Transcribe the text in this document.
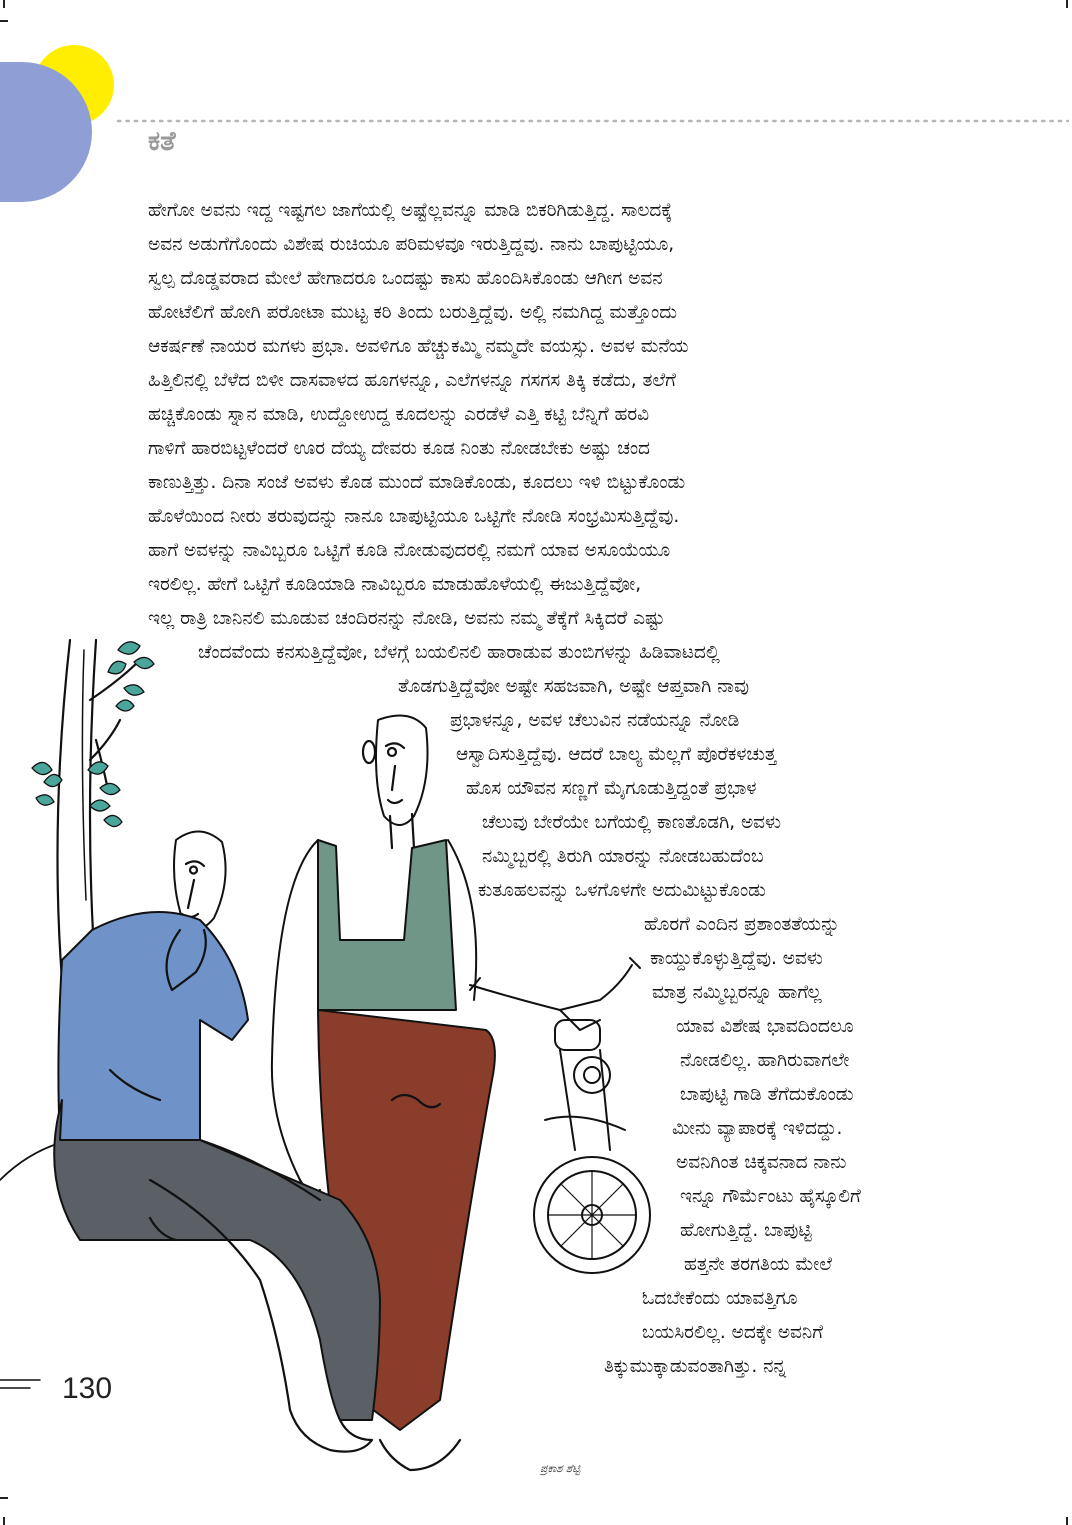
ಕತೆ
ಹೇಗೋ ಅವನು ಇದ್ದ ಇಷ್ಟಗಲ ಜಾಗೆಯಲ್ಲಿ ಅಷ್ಟೆಲ್ಲವನ್ನೂ ಮಾಡಿ ಬಿಕರಿಗಿಡುತ್ತಿದ್ದ. ಸಾಲದಕ್ಕೆ
ಅವನ ಅಡುಗೆಗೊಂದು ವಿಶೇಷ ರುಚಿಯೂ ಪರಿಮಳವೂ ಇರುತ್ತಿದ್ದವು. ನಾನು ಬಾಪುಟ್ಟಿಯೂ,
ಸ್ವಲ್ಪ ದೊಡ್ಡವರಾದ ಮೇಲೆ ಹೇಗಾದರೂ ಒಂದಷ್ಟು ಕಾಸು ಹೊಂದಿಸಿಕೊಂಡು ಆಗೀಗ ಅವನ
ಹೋಟೆಲಿಗೆ ಹೋಗಿ ಪರೋಟಾ ಮುಟ್ಟ ಕರಿ ತಿಂದು ಬರುತ್ತಿದ್ದೆವು. ಅಲ್ಲಿ ನಮಗಿದ್ದ ಮತ್ತೊಂದು
ಆಕರ್ಷಣೆ ನಾಯರ ಮಗಳು ಪ್ರಭಾ. ಅವಳಿಗೂ ಹೆಚ್ಚುಕಮ್ಮಿ ನಮ್ಮದೇ ವಯಸ್ಸು. ಅವಳ ಮನೆಯ
ಹಿತ್ತಿಲಿನಲ್ಲಿ ಬೆಳೆದ ಬಿಳೀ ದಾಸವಾಳದ ಹೂಗಳನ್ನೂ, ಎಲೆಗಳನ್ನೂ ಗಸಗಸ ತಿಕ್ಕಿ ಕಡೆದು, ತಲೆಗೆ
ಹಚ್ಚಿಕೊಂಡು ಸ್ನಾನ ಮಾಡಿ, ಉದ್ದೋಉದ್ದ ಕೂದಲನ್ನು ಎರಡೆಳೆ ಎತ್ತಿ ಕಟ್ಟಿ ಬೆನ್ನಿಗೆ ಹರವಿ
ಗಾಳಿಗೆ ಹಾರಬಿಟ್ಟಳೆಂದರೆ ಊರ ದೆಯ್ಯ ದೇವರು ಕೂಡ ನಿಂತು ನೋಡಬೇಕು ಅಷ್ಟು ಚಂದ
ಕಾಣುತ್ತಿತ್ತು. ದಿನಾ ಸಂಜೆ ಅವಳು ಕೊಡ ಮುಂದೆ ಮಾಡಿಕೊಂಡು, ಕೂದಲು ಇಳಿ ಬಿಟ್ಟುಕೊಂಡು
ಹೊಳೆಯಿಂದ ನೀರು ತರುವುದನ್ನು ನಾನೂ ಬಾಪುಟ್ಟಿಯೂ ಒಟ್ಟಿಗೇ ನೋಡಿ ಸಂಭ್ರಮಿಸುತ್ತಿದ್ದೆವು.
ಹಾಗೆ ಅವಳನ್ನು ನಾವಿಬ್ಬರೂ ಒಟ್ಟಿಗೆ ಕೂಡಿ ನೋಡುವುದರಲ್ಲಿ ನಮಗೆ ಯಾವ ಅಸೂಯೆಯೂ
ಇರಲಿಲ್ಲ. ಹೇಗೆ ಒಟ್ಟಿಗೆ ಕೂಡಿಯಾಡಿ ನಾವಿಬ್ಬರೂ ಮಾಡುಹೊಳೆಯಲ್ಲಿ ಈಜುತ್ತಿದ್ದೆವೋ,
ಇಲ್ಲ ರಾತ್ರಿ ಬಾನಿನಲಿ ಮೂಡುವ ಚಂದಿರನನ್ನು ನೋಡಿ, ಅವನು ನಮ್ಮ ತೆಕ್ಕೆಗೆ ಸಿಕ್ಕಿದರೆ ಎಷ್ಟು
ಚೆಂದವೆಂದು ಕನಸುತ್ತಿದ್ದೆವೋ, ಬೆಳಗ್ಗೆ ಬಯಲಿನಲಿ ಹಾರಾಡುವ ತುಂಬಿಗಳನ್ನು ಹಿಡಿವಾಟದಲ್ಲಿ
ತೊಡಗುತ್ತಿದ್ದೆವೋ ಅಷ್ಟೇ ಸಹಜವಾಗಿ, ಅಷ್ಟೇ ಆಪ್ತವಾಗಿ ನಾವು
ಪ್ರಭಾಳನ್ನೂ, ಅವಳ ಚೆಲುವಿನ ನಡೆಯನ್ನೂ ನೋಡಿ
ಆಸ್ವಾದಿಸುತ್ತಿದ್ದೆವು. ಆದರೆ ಬಾಲ್ಯ ಮೆಲ್ಲಗೆ ಪೊರೆಕಳಚುತ್ತ
ಹೊಸ ಯೌವನ ಸಣ್ಣಗೆ ಮೈಗೂಡುತ್ತಿದ್ದಂತೆ ಪ್ರಭಾಳ
ಚೆಲುವು ಬೇರೆಯೇ ಬಗೆಯಲ್ಲಿ ಕಾಣತೊಡಗಿ, ಅವಳು
ನಮ್ಮಿಬ್ಬರಲ್ಲಿ ತಿರುಗಿ ಯಾರನ್ನು ನೋಡಬಹುದೆಂಬ
ಕುತೂಹಲವನ್ನು ಒಳಗೊಳಗೇ ಅದುಮಿಟ್ಟುಕೊಂಡು
ಹೊರಗೆ ಎಂದಿನ ಪ್ರಶಾಂತತೆಯನ್ನು
ಕಾಯ್ದುಕೊಳ್ಳುತ್ತಿದ್ದೆವು. ಅವಳು
ಮಾತ್ರ ನಮ್ಮಿಬ್ಬರನ್ನೂ ಹಾಗೆಲ್ಲ
ಯಾವ ವಿಶೇಷ ಭಾವದಿಂದಲೂ
ನೋಡಲಿಲ್ಲ. ಹಾಗಿರುವಾಗಲೇ
ಬಾಪುಟ್ಟಿ ಗಾಡಿ ತೆಗೆದುಕೊಂಡು
ಮೀನು ವ್ಯಾಪಾರಕ್ಕೆ ಇಳಿದದ್ದು.
ಅವನಿಗಿಂತ ಚಿಕ್ಕವನಾದ ನಾನು
ಇನ್ನೂ ಗೌರ್ಮೆಂಟು ಹೈಸ್ಕೂಲಿಗೆ
ಹೋಗುತ್ತಿದ್ದೆ. ಬಾಪುಟ್ಟಿ
ಹತ್ತನೇ ತರಗತಿಯ ಮೇಲೆ
ಓದಬೇಕೆಂದು ಯಾವತ್ತಿಗೂ
ಬಯಸಿರಲಿಲ್ಲ. ಅದಕ್ಕೇ ಅವನಿಗೆ
ತಿಕ್ಕುಮುಕ್ಕಾಡುವಂತಾಗಿತ್ತು. ನನ್ನ
130
ಪ್ರಕಾಶ ಶೆಟ್ಟಿ
